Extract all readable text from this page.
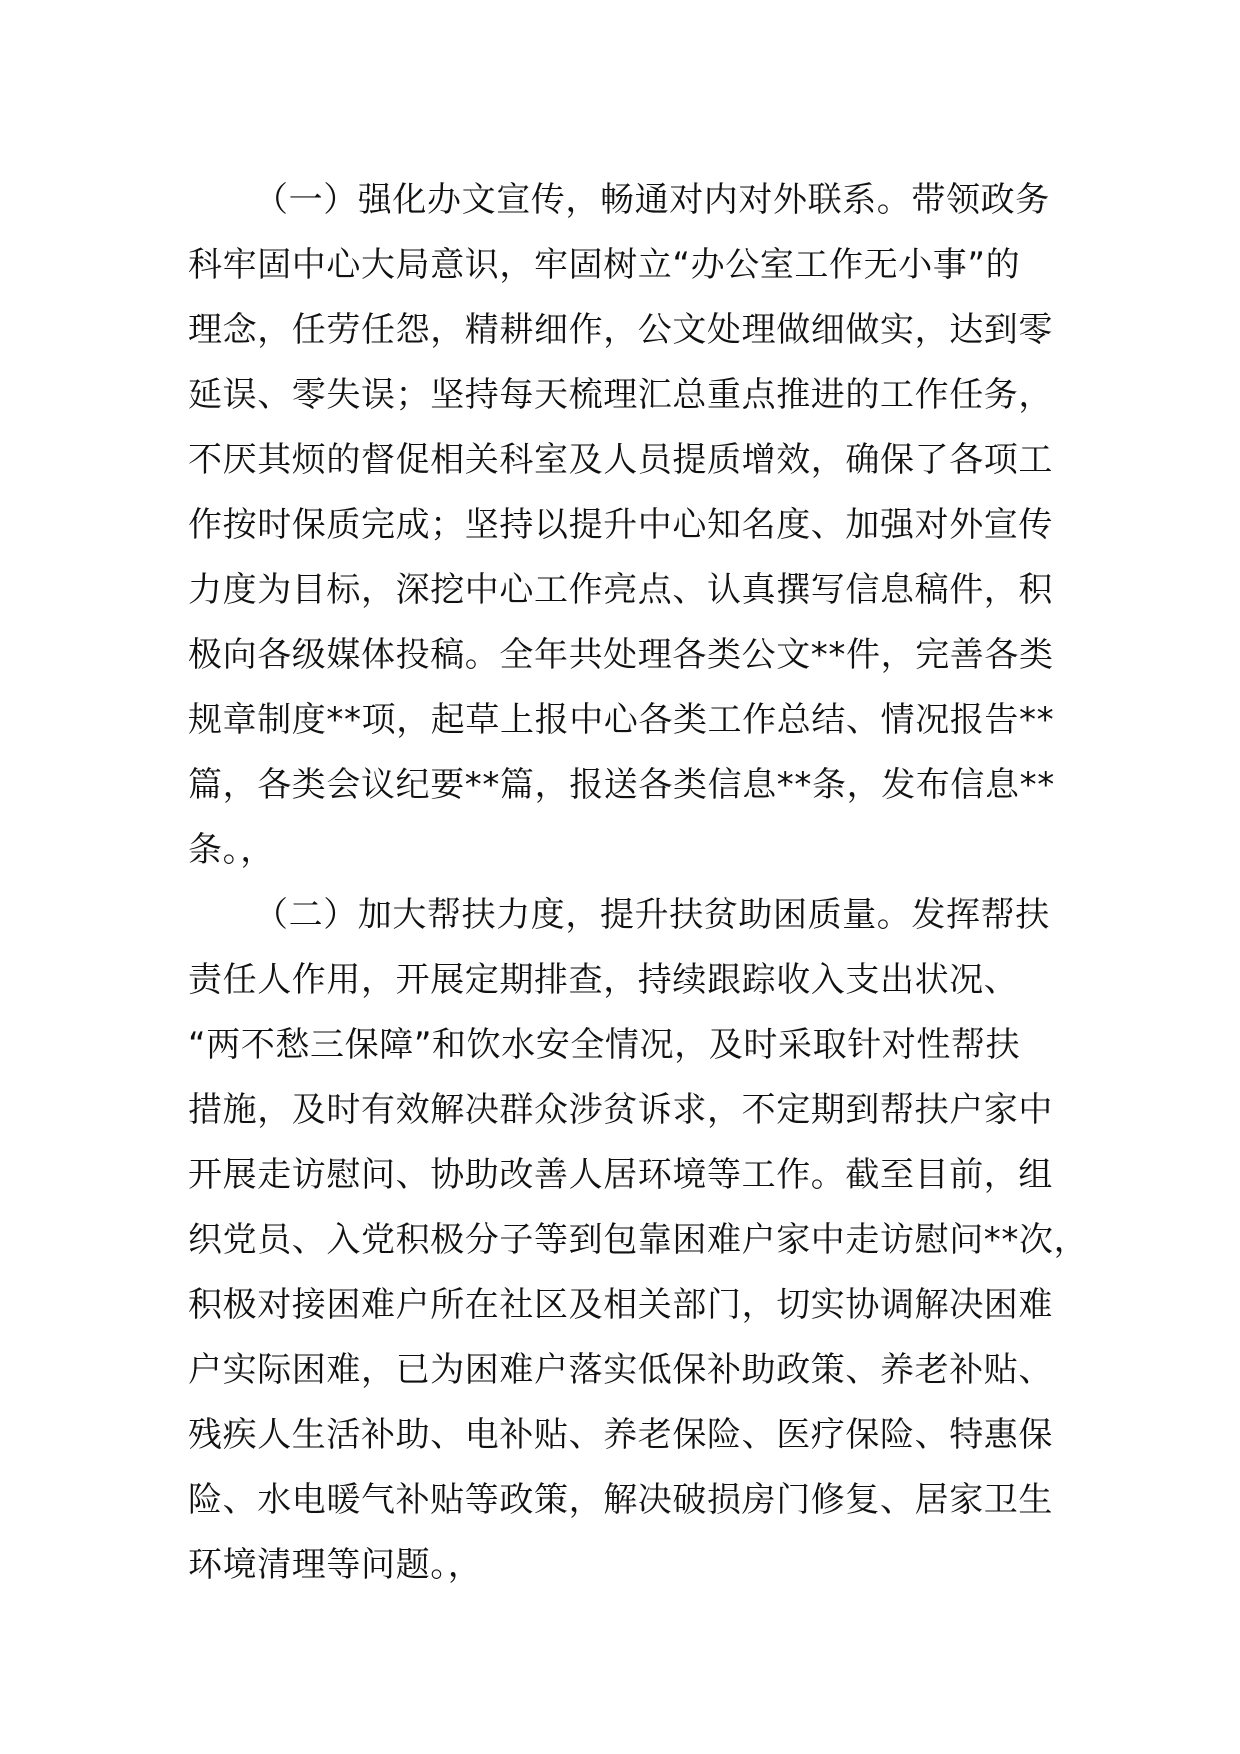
（一）强化办文宣传，畅通对内对外联系。带领政务
科牢固中心大局意识，牢固树立“办公室工作无小事”的
理念，任劳任怨，精耕细作，公文处理做细做实，达到零
延误、零失误；坚持每天梳理汇总重点推进的工作任务，
不厌其烦的督促相关科室及人员提质增效，确保了各项工
作按时保质完成；坚持以提升中心知名度、加强对外宣传
力度为目标，深挖中心工作亮点、认真撰写信息稿件，积
极向各级媒体投稿。全年共处理各类公文**件，完善各类
规章制度**项，起草上报中心各类工作总结、情况报告**
篇，各类会议纪要**篇，报送各类信息**条，发布信息**
条。，
（二）加大帮扶力度，提升扶贫助困质量。发挥帮扶
责任人作用，开展定期排查，持续跟踪收入支出状况、
“两不愁三保障”和饮水安全情况，及时采取针对性帮扶
措施，及时有效解决群众涉贫诉求，不定期到帮扶户家中
开展走访慰问、协助改善人居环境等工作。截至目前，组
织党员、入党积极分子等到包靠困难户家中走访慰问**次，
积极对接困难户所在社区及相关部门，切实协调解决困难
户实际困难，已为困难户落实低保补助政策、养老补贴、
残疾人生活补助、电补贴、养老保险、医疗保险、特惠保
险、水电暖气补贴等政策，解决破损房门修复、居家卫生
环境清理等问题。，
